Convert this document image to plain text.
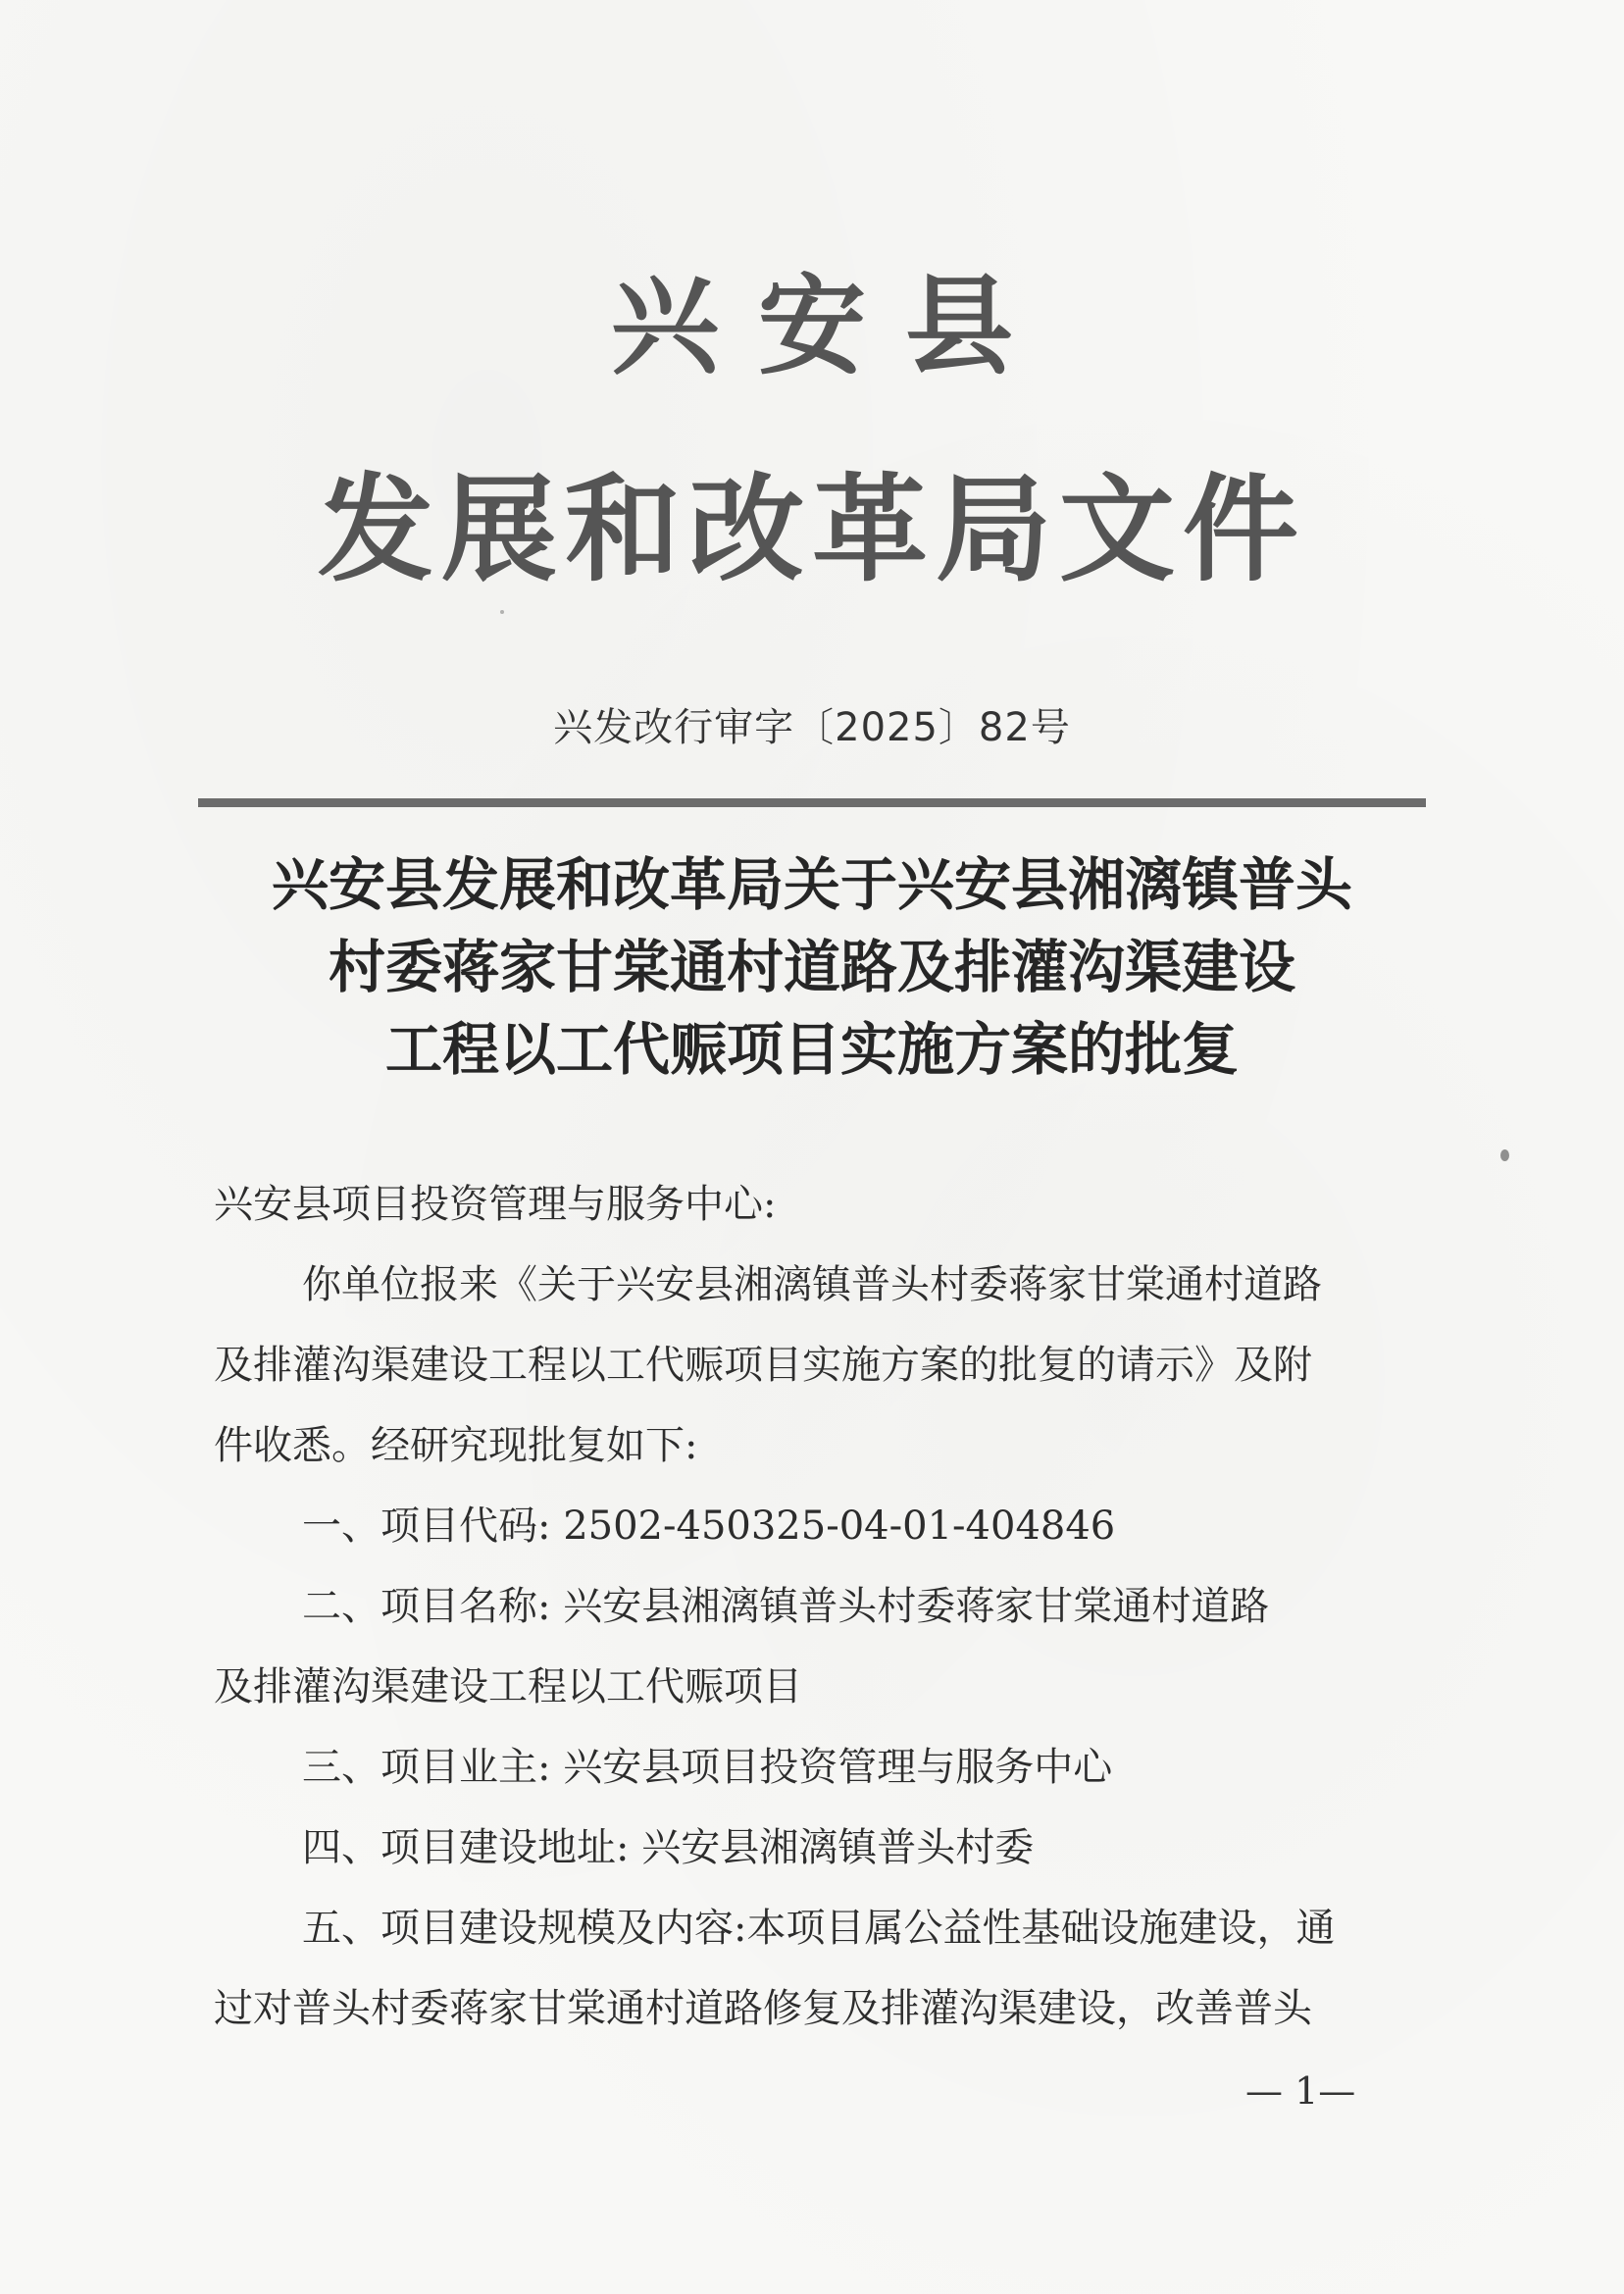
兴安县
发展和改革局文件
兴发改行审字〔2025〕82号
兴安县发展和改革局关于兴安县湘漓镇普头
村委蒋家甘棠通村道路及排灌沟渠建设
工程以工代赈项目实施方案的批复
兴安县项目投资管理与服务中心:
你单位报来《关于兴安县湘漓镇普头村委蒋家甘棠通村道路
及排灌沟渠建设工程以工代赈项目实施方案的批复的请示》及附
件收悉。经研究现批复如下:
一、项目代码: 2502-450325-04-01-404846
二、项目名称: 兴安县湘漓镇普头村委蒋家甘棠通村道路
及排灌沟渠建设工程以工代赈项目
三、项目业主: 兴安县项目投资管理与服务中心
四、项目建设地址: 兴安县湘漓镇普头村委
五、项目建设规模及内容:本项目属公益性基础设施建设，通
过对普头村委蒋家甘棠通村道路修复及排灌沟渠建设，改善普头
— 1—
